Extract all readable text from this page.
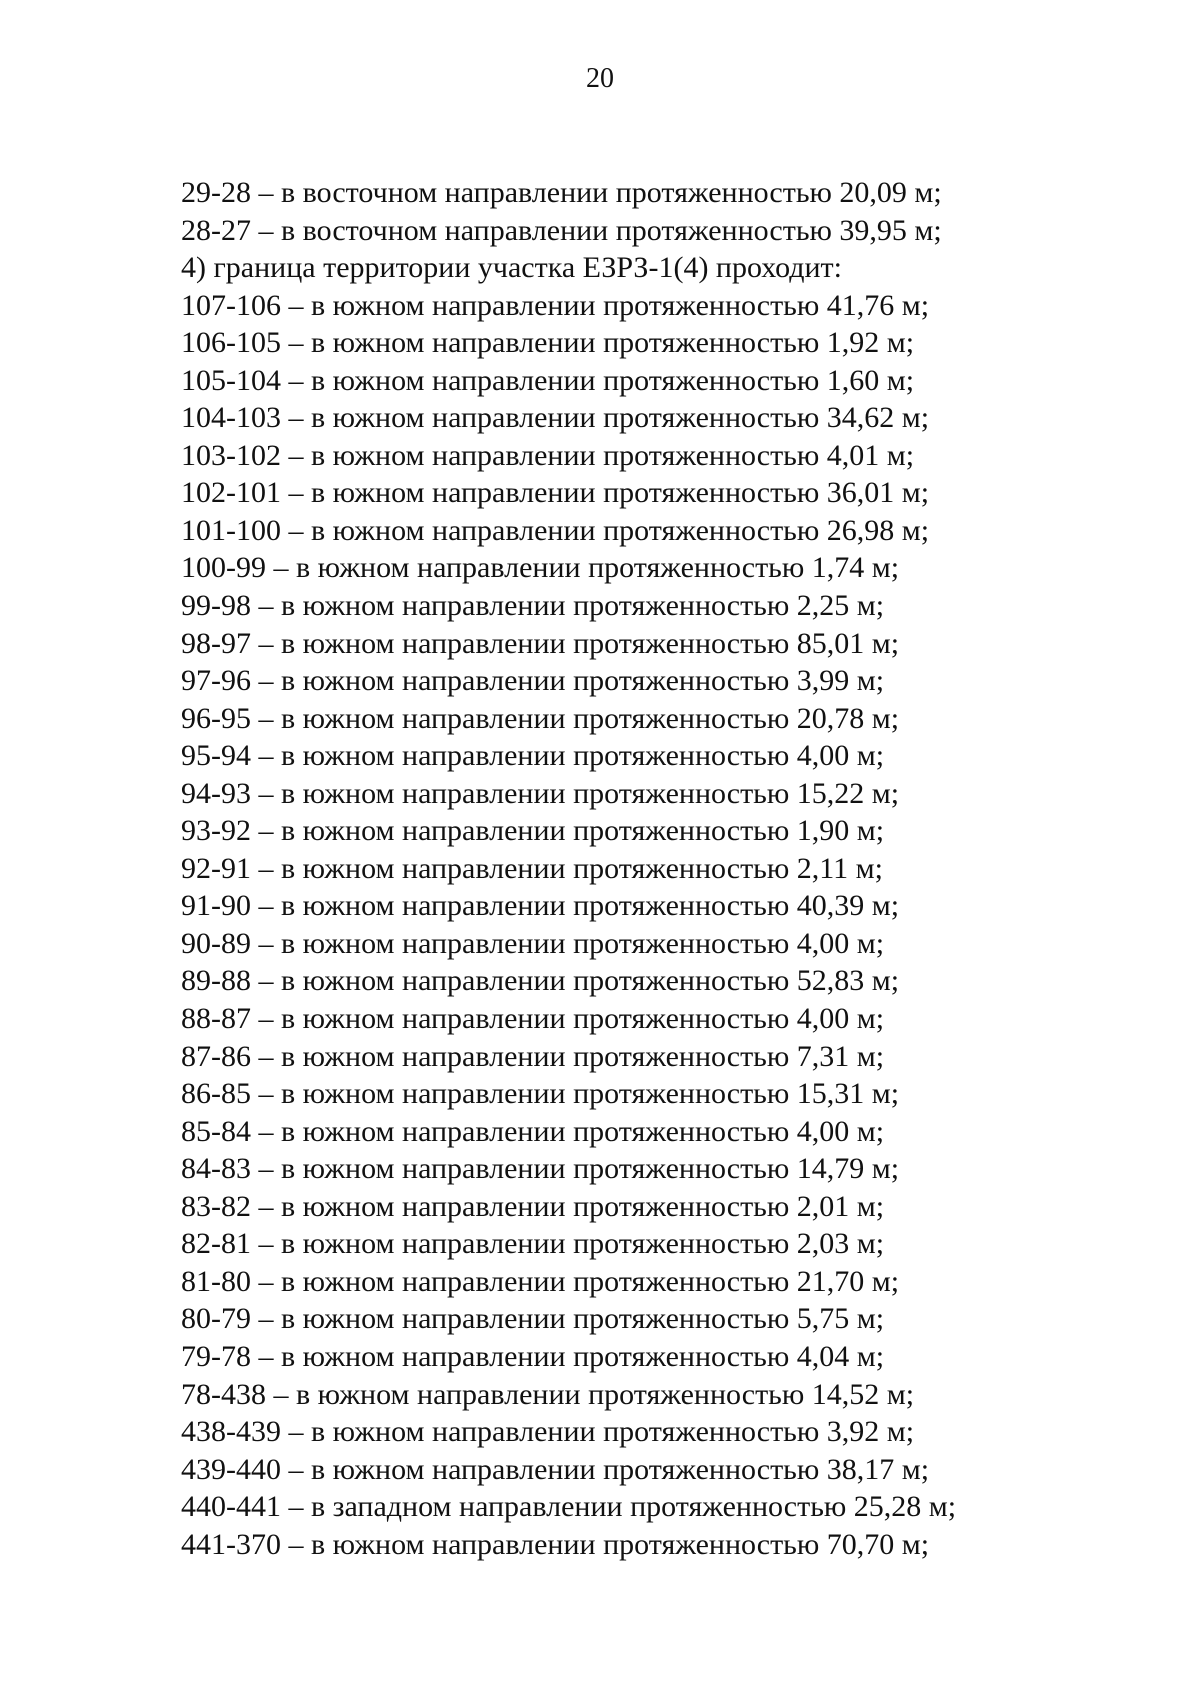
20
29-28 – в восточном направлении протяженностью 20,09 м;
28-27 – в восточном направлении протяженностью 39,95 м;
4) граница территории участка ЕЗРЗ-1(4) проходит:
107-106 – в южном направлении протяженностью 41,76 м;
106-105 – в южном направлении протяженностью 1,92 м;
105-104 – в южном направлении протяженностью 1,60 м;
104-103 – в южном направлении протяженностью 34,62 м;
103-102 – в южном направлении протяженностью 4,01 м;
102-101 – в южном направлении протяженностью 36,01 м;
101-100 – в южном направлении протяженностью 26,98 м;
100-99 – в южном направлении протяженностью 1,74 м;
99-98 – в южном направлении протяженностью 2,25 м;
98-97 – в южном направлении протяженностью 85,01 м;
97-96 – в южном направлении протяженностью 3,99 м;
96-95 – в южном направлении протяженностью 20,78 м;
95-94 – в южном направлении протяженностью 4,00 м;
94-93 – в южном направлении протяженностью 15,22 м;
93-92 – в южном направлении протяженностью 1,90 м;
92-91 – в южном направлении протяженностью 2,11 м;
91-90 – в южном направлении протяженностью 40,39 м;
90-89 – в южном направлении протяженностью 4,00 м;
89-88 – в южном направлении протяженностью 52,83 м;
88-87 – в южном направлении протяженностью 4,00 м;
87-86 – в южном направлении протяженностью 7,31 м;
86-85 – в южном направлении протяженностью 15,31 м;
85-84 – в южном направлении протяженностью 4,00 м;
84-83 – в южном направлении протяженностью 14,79 м;
83-82 – в южном направлении протяженностью 2,01 м;
82-81 – в южном направлении протяженностью 2,03 м;
81-80 – в южном направлении протяженностью 21,70 м;
80-79 – в южном направлении протяженностью 5,75 м;
79-78 – в южном направлении протяженностью 4,04 м;
78-438 – в южном направлении протяженностью 14,52 м;
438-439 – в южном направлении протяженностью 3,92 м;
439-440 – в южном направлении протяженностью 38,17 м;
440-441 – в западном направлении протяженностью 25,28 м;
441-370 – в южном направлении протяженностью 70,70 м;
